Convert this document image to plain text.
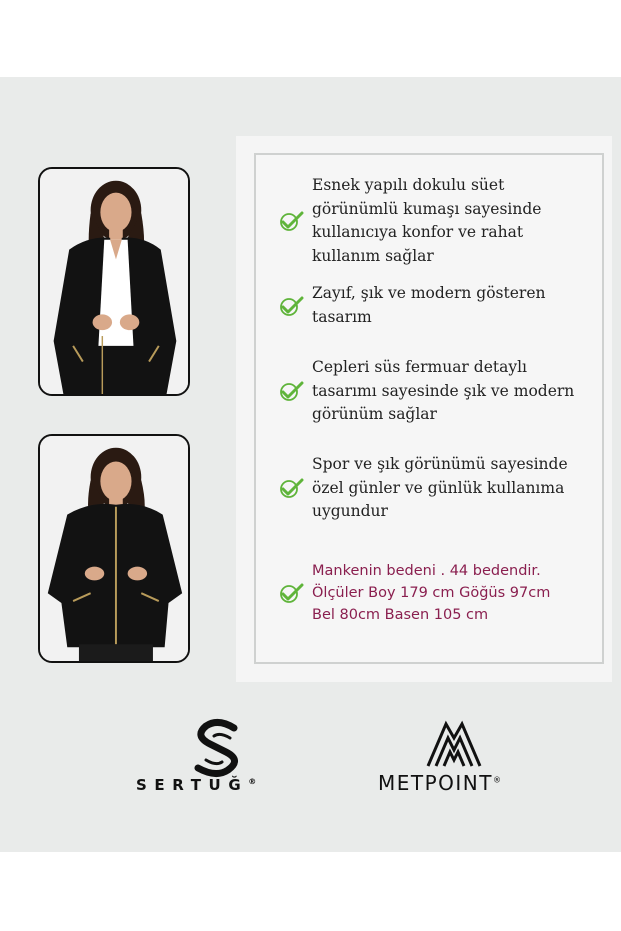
Esnek yapılı dokulu süet
görünümlü kumaşı sayesinde
kullanıcıya konfor ve rahat
kullanım sağlar
Zayıf, şık ve modern gösteren
tasarım
Cepleri süs fermuar detaylı
tasarımı sayesinde şık ve modern
görünüm sağlar
Spor ve şık görünümü sayesinde
özel günler ve günlük kullanıma
uygundur
Mankenin bedeni . 44 bedendir.
Ölçüler Boy 179 cm Göğüs 97cm
Bel 80cm Basen 105 cm
SERTUĞ®	METPOINT®
